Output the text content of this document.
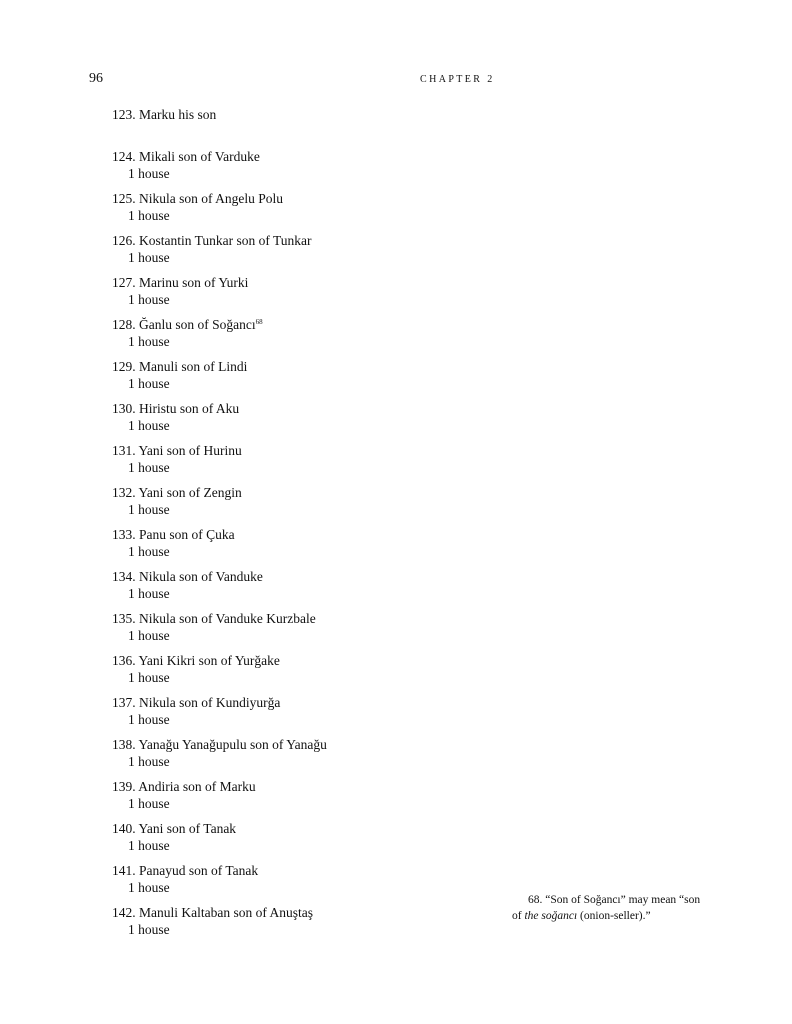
96	CHAPTER 2
123. Marku his son
124. Mikali son of Varduke
1 house
125. Nikula son of Angelu Polu
1 house
126. Kostantin Tunkar son of Tunkar
1 house
127. Marinu son of Yurki
1 house
128. Ğanlu son of Soğancı$^{68}$
1 house
129. Manuli son of Lindi
1 house
130. Hiristu son of Aku
1 house
131. Yani son of Hurinu
1 house
132. Yani son of Zengin
1 house
133. Panu son of Çuka
1 house
134. Nikula son of Vanduke
1 house
135. Nikula son of Vanduke Kurzbale
1 house
136. Yani Kikri son of Yurğake
1 house
137. Nikula son of Kundiyurğa
1 house
138. Yanağu Yanağupulu son of Yanağu
1 house
139. Andiria son of Marku
1 house
140. Yani son of Tanak
1 house
141. Panayud son of Tanak
1 house
142. Manuli Kaltaban son of Anuştaş
1 house
68. “Son of Soğancı” may mean “son
of the soğancı (onion-seller).”
